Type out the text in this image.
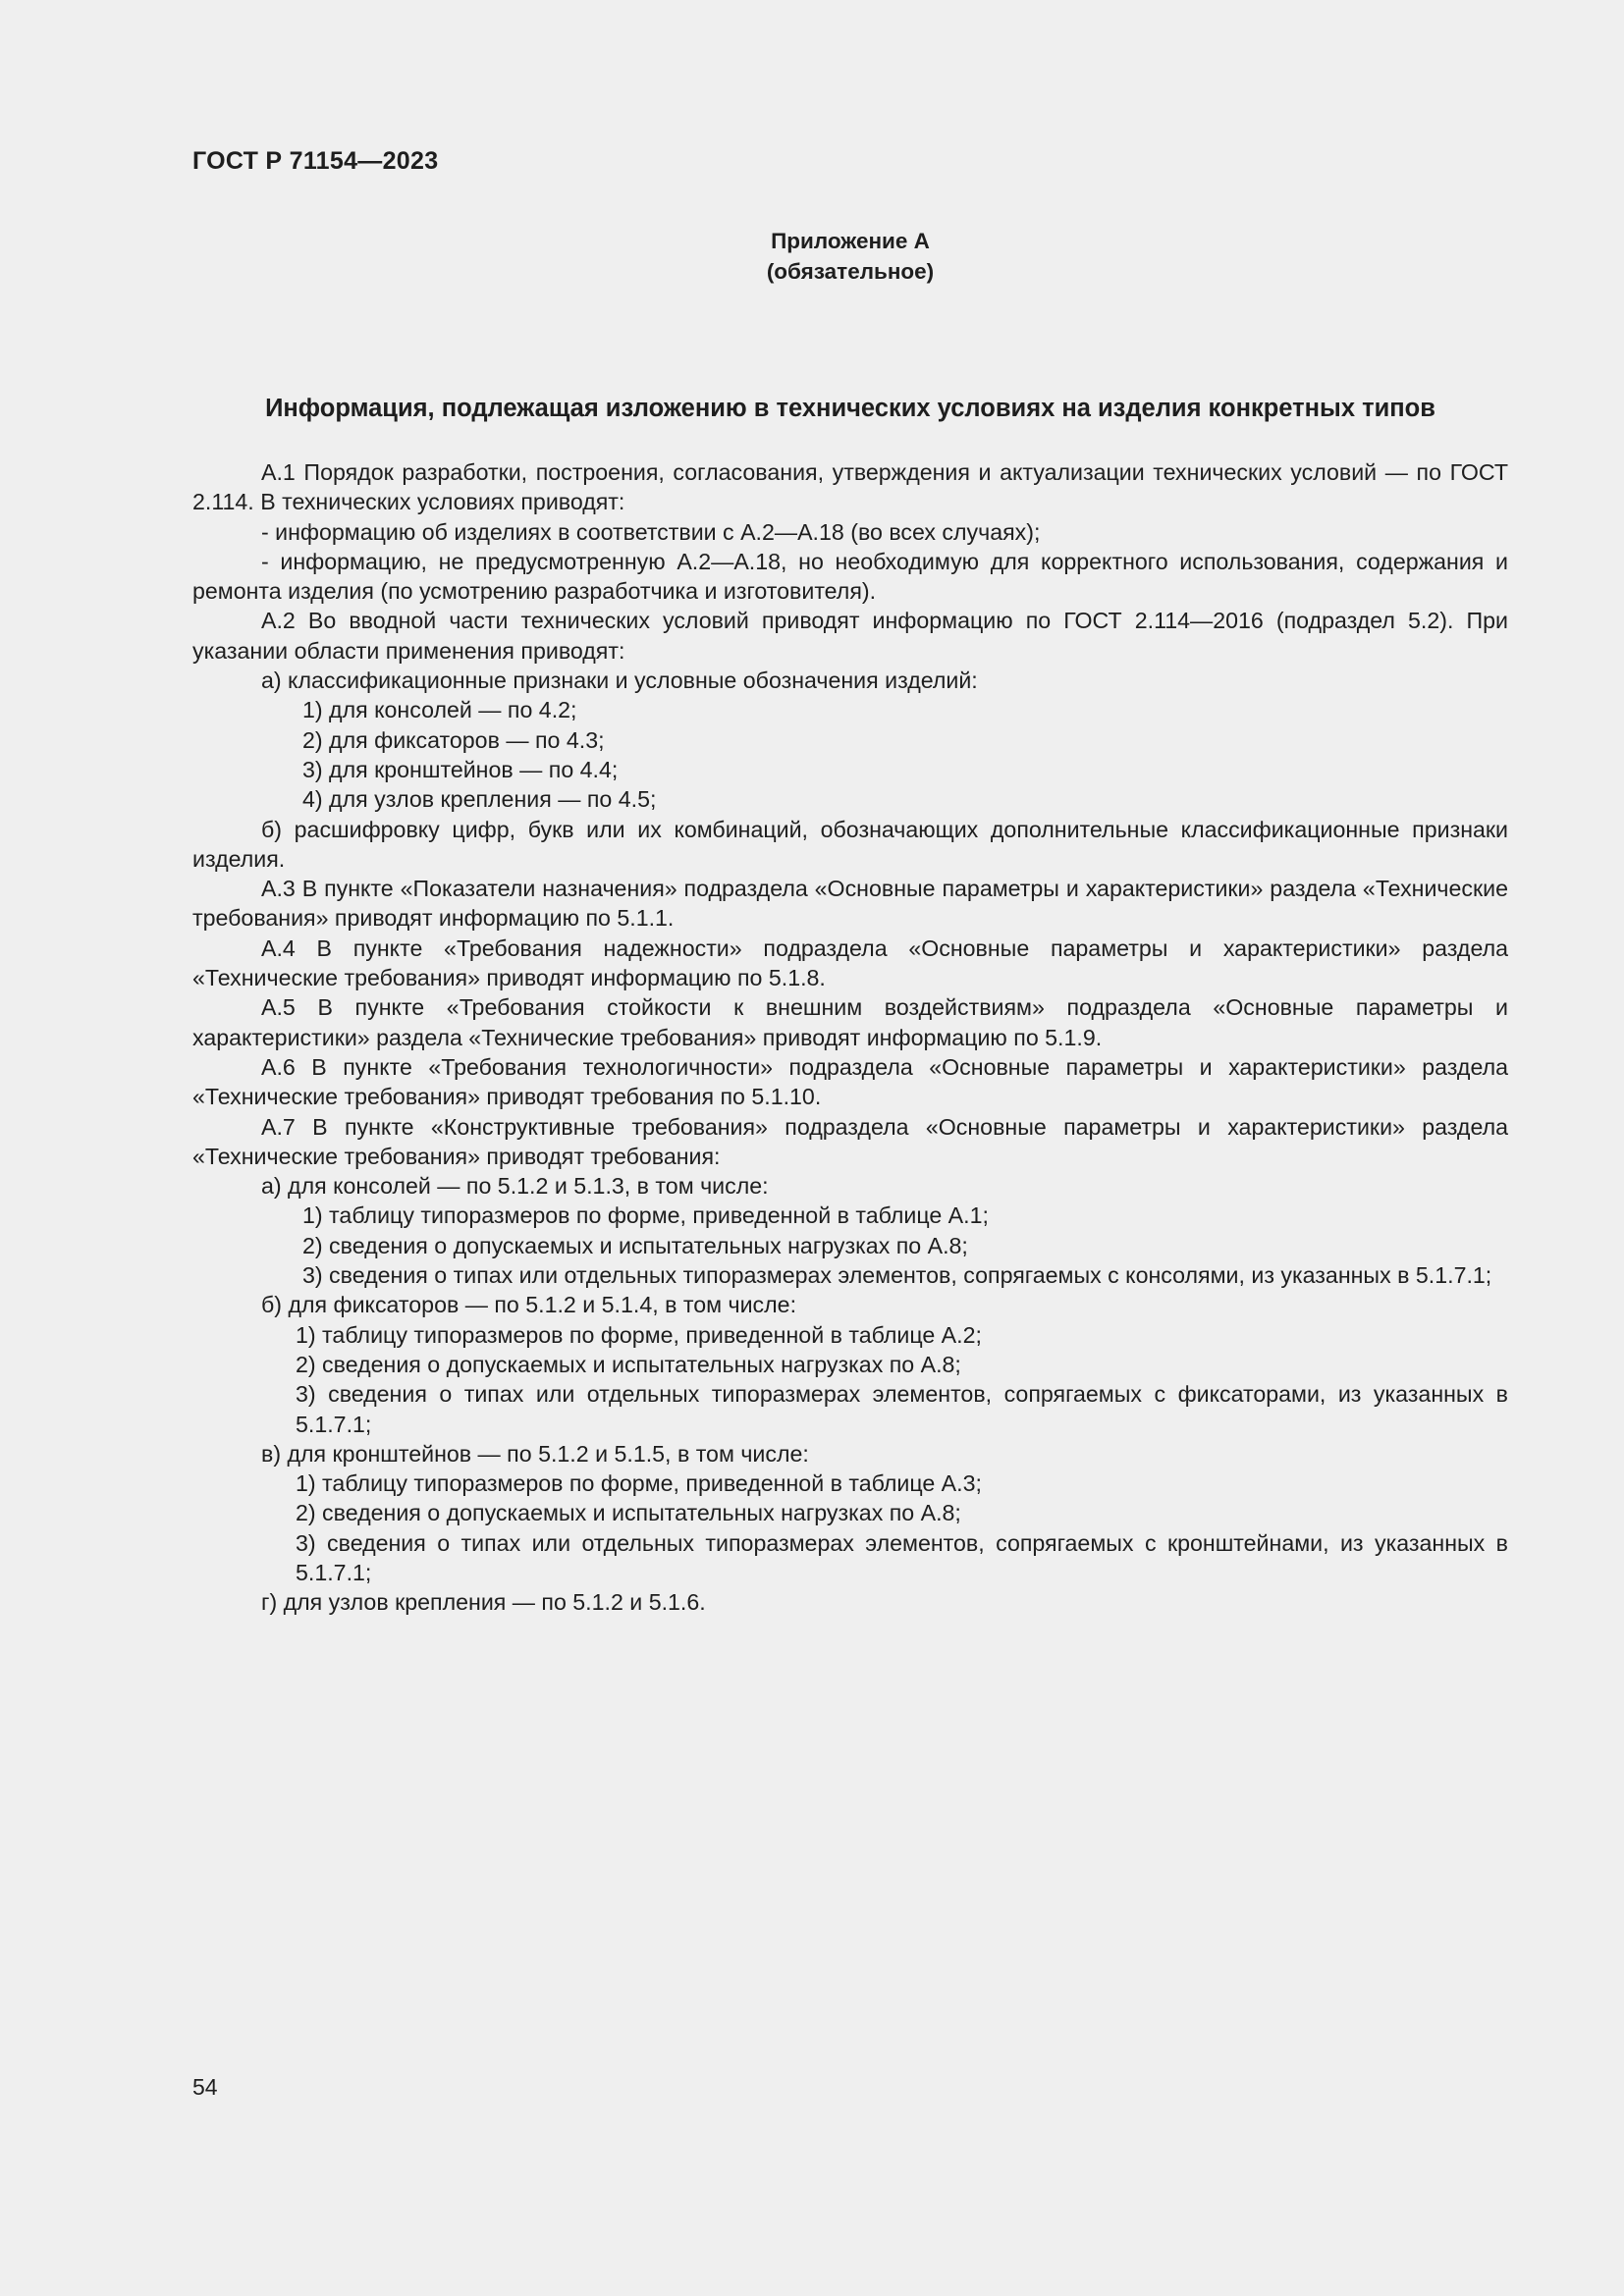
ГОСТ Р 71154—2023

Приложение А
(обязательное)

Информация, подлежащая изложению в технических условиях на изделия конкретных типов

А.1 Порядок разработки, построения, согласования, утверждения и актуализации технических условий — по ГОСТ 2.114. В технических условиях приводят:

- информацию об изделиях в соответствии с А.2—А.18 (во всех случаях);

- информацию, не предусмотренную А.2—А.18, но необходимую для корректного использования, содержания и ремонта изделия (по усмотрению разработчика и изготовителя).

А.2 Во вводной части технических условий приводят информацию по ГОСТ 2.114—2016 (подраздел 5.2). При указании области применения приводят:

а) классификационные признаки и условные обозначения изделий:

1) для консолей — по 4.2;

2) для фиксаторов — по 4.3;

3) для кронштейнов — по 4.4;

4) для узлов крепления — по 4.5;

б) расшифровку цифр, букв или их комбинаций, обозначающих дополнительные классификационные признаки изделия.

А.3 В пункте «Показатели назначения» подраздела «Основные параметры и характеристики» раздела «Технические требования» приводят информацию по 5.1.1.

А.4 В пункте «Требования надежности» подраздела «Основные параметры и характеристики» раздела «Технические требования» приводят информацию по 5.1.8.

А.5 В пункте «Требования стойкости к внешним воздействиям» подраздела «Основные параметры и характеристики» раздела «Технические требования» приводят информацию по 5.1.9.

А.6 В пункте «Требования технологичности» подраздела «Основные параметры и характеристики» раздела «Технические требования» приводят требования по 5.1.10.

А.7 В пункте «Конструктивные требования» подраздела «Основные параметры и характеристики» раздела «Технические требования» приводят требования:

а) для консолей — по 5.1.2 и 5.1.3, в том числе:

1) таблицу типоразмеров по форме, приведенной в таблице А.1;

2) сведения о допускаемых и испытательных нагрузках по А.8;

3) сведения о типах или отдельных типоразмерах элементов, сопрягаемых с консолями, из указанных в 5.1.7.1;

б) для фиксаторов — по 5.1.2 и 5.1.4, в том числе:

1) таблицу типоразмеров по форме, приведенной в таблице А.2;

2) сведения о допускаемых и испытательных нагрузках по А.8;

3) сведения о типах или отдельных типоразмерах элементов, сопрягаемых с фиксаторами, из указанных в 5.1.7.1;

в) для кронштейнов — по 5.1.2 и 5.1.5, в том числе:

1) таблицу типоразмеров по форме, приведенной в таблице А.3;

2) сведения о допускаемых и испытательных нагрузках по А.8;

3) сведения о типах или отдельных типоразмерах элементов, сопрягаемых с кронштейнами, из указанных в 5.1.7.1;

г) для узлов крепления — по 5.1.2 и 5.1.6.

54
